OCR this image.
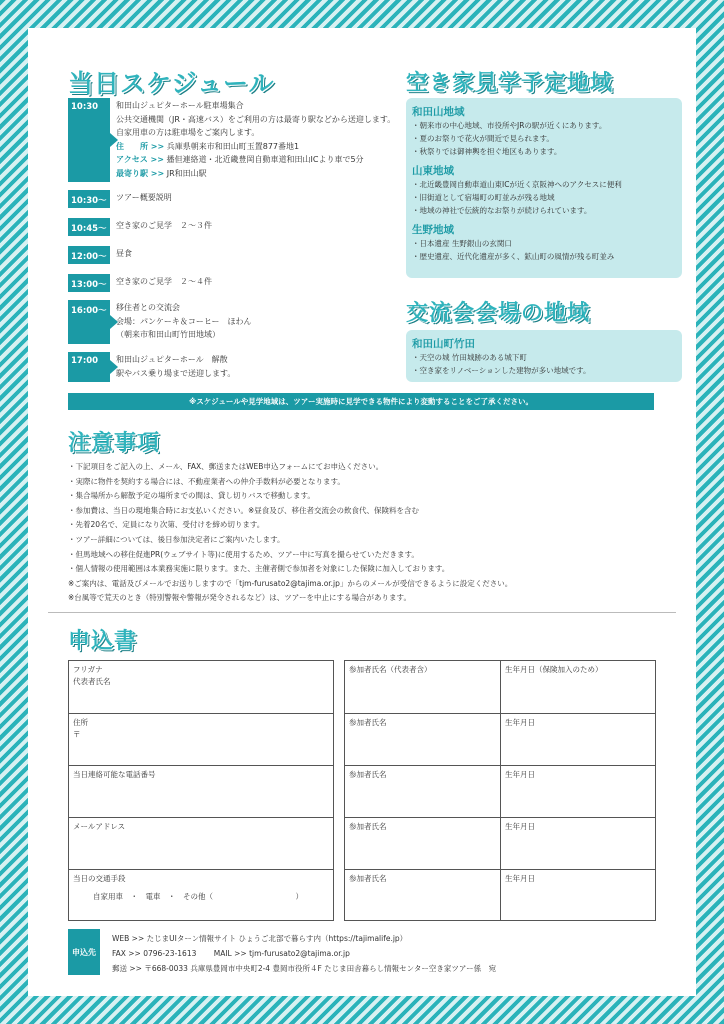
当日スケジュール
10:30	和田山ジュピターホール駐車場集合
公共交通機関（JR・高速バス）をご利用の方は最寄り駅などから送迎します。
自家用車の方は駐車場をご案内します。
住　　所 >> 兵庫県朝来市和田山町玉置877番地1
アクセス >> 播但連絡道・北近畿豊岡自動車道和田山ICより車で5分
最寄り駅 >> JR和田山駅
10:30〜	ツアー概要説明
10:45〜	空き家のご見学　２〜３件
12:00〜	昼食
13:00〜	空き家のご見学　２〜４件
16:00〜	移住者との交流会
会場：パンケーキ＆コーヒー　ほわん
（朝来市和田山町竹田地域）
17:00	和田山ジュピターホール　解散
駅やバス乗り場まで送迎します。
空き家見学予定地域
和田山地域
・朝来市の中心地域、市役所やJRの駅が近くにあります。
・夏のお祭りで花火が間近で見られます。
・秋祭りでは御神輿を担ぐ地区もあります。
山東地域
・北近畿豊岡自動車道山東ICが近く京阪神へのアクセスに便利
・旧街道として宿場町の町並みが残る地域
・地域の神社で伝統的なお祭りが続けられています。
生野地域
・日本遺産 生野銀山の玄関口
・歴史遺産、近代化遺産が多く、鉱山町の風情が残る町並み
交流会会場の地域
和田山町竹田
・天空の城 竹田城跡のある城下町
・空き家をリノベーションした建物が多い地域です。
※スケジュールや見学地域は、ツアー実施時に見学できる物件により変動することをご了承ください。
注意事項
・下記項目をご記入の上、メール、FAX、郵送またはWEB申込フォームにてお申込ください。
・実際に物件を契約する場合には、不動産業者への仲介手数料が必要となります。
・集合場所から解散予定の場所までの間は、貸し切りバスで移動します。
・参加費は、当日の現地集合時にお支払いください。※昼食及び、移住者交流会の飲食代、保険料を含む
・先着20名で、定員になり次第、受付けを締め切ります。
・ツアー詳細については、後日参加決定者にご案内いたします。
・但馬地域への移住促進PR(ウェブサイト等)に使用するため、ツアー中に写真を撮らせていただきます。
・個人情報の使用範囲は本業務実施に限ります。また、主催者側で参加者を対象にした保険に加入しております。
※ご案内は、電話及びメールでお送りしますので「tjm-furusato2@tajima.or.jp」からのメールが受信できるように設定ください。
※台風等で荒天のとき（特別警報や警報が発令されるなど）は、ツアーを中止にする場合があります。
申込書
フリガナ
代表者氏名
住所
〒
当日連絡可能な電話番号
メールアドレス
当日の交通手段
自家用車　・　電車　・　その他（　　　　　　　　　　　）
参加者氏名（代表者含）	生年月日（保険加入のため）
参加者氏名	生年月日
参加者氏名	生年月日
参加者氏名	生年月日
参加者氏名	生年月日
申込先
WEB >> たじまUIターン情報サイト ひょうご北部で暮らす内（https://tajimalife.jp）
FAX >> 0796-23-1613　　 MAIL >> tjm-furusato2@tajima.or.jp
郵送 >> 〒668-0033 兵庫県豊岡市中央町2-4 豊岡市役所４F たじま田舎暮らし情報センター空き家ツアー係　宛
